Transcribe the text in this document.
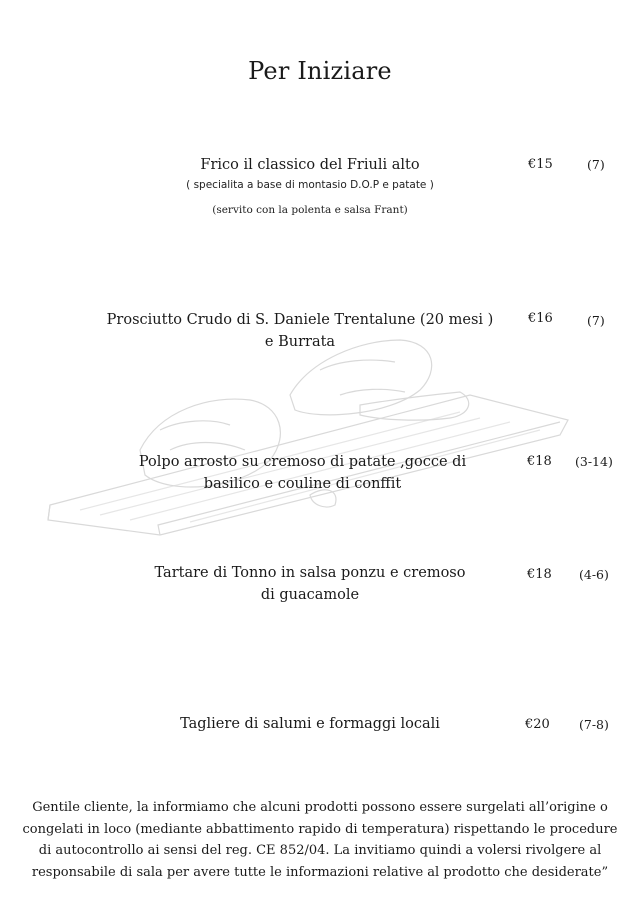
Per Iniziare
Frico il classico del Friuli alto
( specialita a base di montasio D.O.P e patate )
(servito con la polenta e salsa Frant)
€15	(7)
Prosciutto Crudo di S. Daniele Trentalune (20 mesi )
e Burrata
€16	(7)
Polpo arrosto su cremoso di patate ,gocce di
basilico e couline di conffit
€18 (3-14)
Tartare di Tonno in salsa ponzu e cremoso
di guacamole
€18 (4-6)
Tagliere di salumi e formaggi locali	€20 (7-8)
Gentile cliente, la informiamo che alcuni prodotti possono essere surgelati all’origine o
congelati in loco (mediante abbattimento rapido di temperatura) rispettando le procedure
di autocontrollo ai sensi del reg. CE 852/04. La invitiamo quindi a volersi rivolgere al
responsabile di sala per avere tutte le informazioni relative al prodotto che desiderate”
